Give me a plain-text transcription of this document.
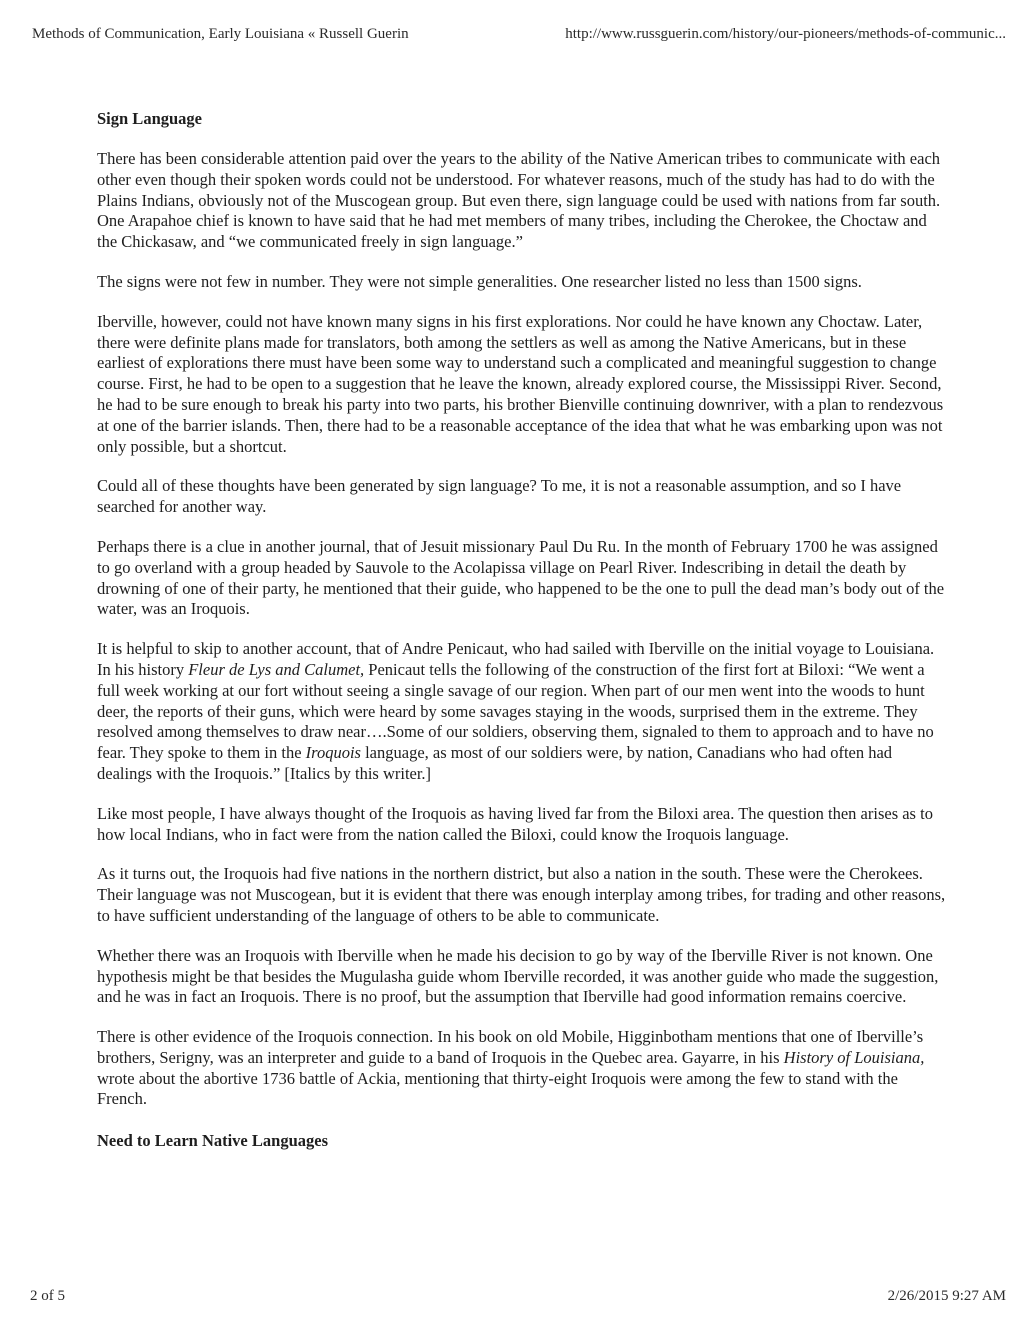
Methods of Communication, Early Louisiana « Russell Guerin	http://www.russguerin.com/history/our-pioneers/methods-of-communic...
Sign Language

There has been considerable attention paid over the years to the ability of the Native American tribes to communicate with each other even though their spoken words could not be understood. For whatever reasons, much of the study has had to do with the Plains Indians, obviously not of the Muscogean group. But even there, sign language could be used with nations from far south. One Arapahoe chief is known to have said that he had met members of many tribes, including the Cherokee, the Choctaw and the Chickasaw, and “we communicated freely in sign language.”

The signs were not few in number. They were not simple generalities. One researcher listed no less than 1500 signs.

Iberville, however, could not have known many signs in his first explorations. Nor could he have known any Choctaw. Later, there were definite plans made for translators, both among the settlers as well as among the Native Americans, but in these earliest of explorations there must have been some way to understand such a complicated and meaningful suggestion to change course. First, he had to be open to a suggestion that he leave the known, already explored course, the Mississippi River. Second, he had to be sure enough to break his party into two parts, his brother Bienville continuing downriver, with a plan to rendezvous at one of the barrier islands. Then, there had to be a reasonable acceptance of the idea that what he was embarking upon was not only possible, but a shortcut.

Could all of these thoughts have been generated by sign language? To me, it is not a reasonable assumption, and so I have searched for another way.

Perhaps there is a clue in another journal, that of Jesuit missionary Paul Du Ru. In the month of February 1700 he was assigned to go overland with a group headed by Sauvole to the Acolapissa village on Pearl River. Indescribing in detail the death by drowning of one of their party, he mentioned that their guide, who happened to be the one to pull the dead man’s body out of the water, was an Iroquois.

It is helpful to skip to another account, that of Andre Penicaut, who had sailed with Iberville on the initial voyage to Louisiana. In his history Fleur de Lys and Calumet, Penicaut tells the following of the construction of the first fort at Biloxi: “We went a full week working at our fort without seeing a single savage of our region. When part of our men went into the woods to hunt deer, the reports of their guns, which were heard by some savages staying in the woods, surprised them in the extreme. They resolved among themselves to draw near….Some of our soldiers, observing them, signaled to them to approach and to have no fear. They spoke to them in the Iroquois language, as most of our soldiers were, by nation, Canadians who had often had dealings with the Iroquois.” [Italics by this writer.]

Like most people, I have always thought of the Iroquois as having lived far from the Biloxi area. The question then arises as to how local Indians, who in fact were from the nation called the Biloxi, could know the Iroquois language.

As it turns out, the Iroquois had five nations in the northern district, but also a nation in the south. These were the Cherokees. Their language was not Muscogean, but it is evident that there was enough interplay among tribes, for trading and other reasons, to have sufficient understanding of the language of others to be able to communicate.

Whether there was an Iroquois with Iberville when he made his decision to go by way of the Iberville River is not known. One hypothesis might be that besides the Mugulasha guide whom Iberville recorded, it was another guide who made the suggestion, and he was in fact an Iroquois. There is no proof, but the assumption that Iberville had good information remains coercive.

There is other evidence of the Iroquois connection. In his book on old Mobile, Higginbotham mentions that one of Iberville’s brothers, Serigny, was an interpreter and guide to a band of Iroquois in the Quebec area. Gayarre, in his History of Louisiana, wrote about the abortive 1736 battle of Ackia, mentioning that thirty-eight Iroquois were among the few to stand with the French.

Need to Learn Native Languages
2 of 5	2/26/2015 9:27 AM
